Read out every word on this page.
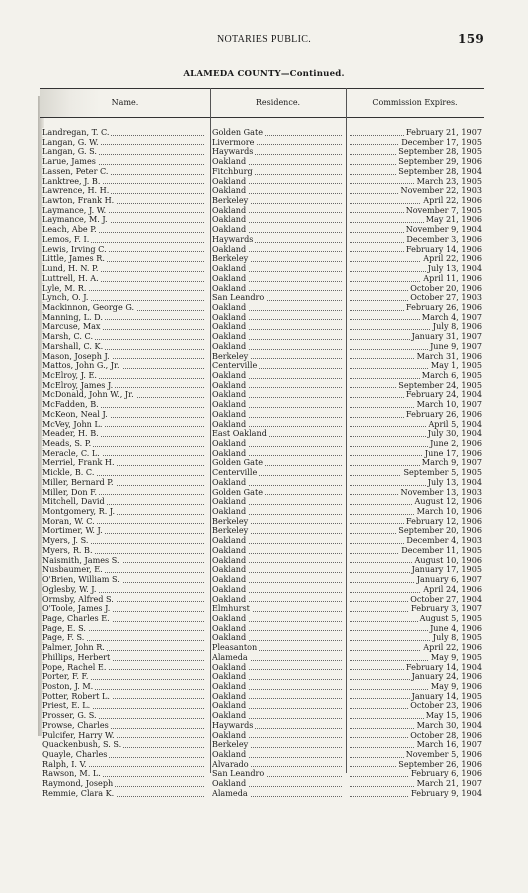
NOTARIES PUBLIC.	159
ALAMEDA COUNTY—Continued.
Name.	Residence.	Commission Expires.
Landregan, T. C.	Golden Gate	February 21, 1907
Langan, G. W.	Livermore	December 17, 1905
Langan, G. S.	Haywards	September 28, 1905
Larue, James	Oakland	September 29, 1906
Lassen, Peter C.	Fitchburg	September 28, 1904
Lanktree, J. B.	Oakland	March 23, 1905
Lawrence, H. H.	Oakland	November 22, 1903
Lawton, Frank H.	Berkeley	April 22, 1906
Laymance, J. W.	Oakland	November 7, 1905
Laymance, M. J.	Oakland	May 21, 1906
Leach, Abe P.	Oakland	November 9, 1904
Lemos, F. I.	Haywards	December 3, 1906
Lewis, Irving C.	Oakland	February 14, 1906
Little, James R.	Berkeley	April 22, 1906
Lund, H. N. P.	Oakland	July 13, 1904
Luttrell, H. A.	Oakland	April 11, 1906
Lyle, M. R.	Oakland	October 20, 1906
Lynch, O. J.	San Leandro	October 27, 1903
Mackinnon, George G.	Oakland	February 26, 1906
Manning, L. D.	Oakland	March 4, 1907
Marcuse, Max	Oakland	July 8, 1906
Marsh, C. C.	Oakland	January 31, 1907
Marshall, C. K.	Oakland	June 9, 1907
Mason, Joseph J.	Berkeley	March 31, 1906
Mattos, John G., Jr.	Centerville	May 1, 1905
McElroy, J. E.	Oakland	March 6, 1905
McElroy, James J.	Oakland	September 24, 1905
McDonald, John W., Jr.	Oakland	February 24, 1904
McFadden, B.	Oakland	March 10, 1907
McKeon, Neal J.	Oakland	February 26, 1906
McVey, John L.	Oakland	April 5, 1904
Meader, H. B.	East Oakland	July 30, 1904
Meads, S. P.	Oakland	June 2, 1906
Meracle, C. L.	Oakland	June 17, 1906
Merriel, Frank H.	Golden Gate	March 9, 1907
Mickle, B. C.	Centerville	September 5, 1905
Miller, Bernard P.	Oakland	July 13, 1904
Miller, Don F.	Golden Gate	November 13, 1903
Mitchell, David	Oakland	August 12, 1906
Montgomery, R. J.	Oakland	March 10, 1906
Moran, W. C.	Berkeley	February 12, 1906
Mortimer, W. J.	Berkeley	September 20, 1906
Myers, J. S.	Oakland	December 4, 1903
Myers, R. B.	Oakland	December 11, 1905
Naismith, James S.	Oakland	August 10, 1906
Nusbaumer, E.	Oakland	January 17, 1905
O'Brien, William S.	Oakland	January 6, 1907
Oglesby, W. J.	Oakland	April 24, 1906
Ormsby, Alfred S.	Oakland	October 27, 1904
O'Toole, James J.	Elmhurst	February 3, 1907
Page, Charles E.	Oakland	August 5, 1905
Page, E. S.	Oakland	June 4, 1906
Page, F. S.	Oakland	July 8, 1905
Palmer, John R.	Pleasanton	April 22, 1906
Phillips, Herbert	Alameda	May 9, 1905
Pope, Rachel E.	Oakland	February 14, 1904
Porter, F. F.	Oakland	January 24, 1906
Poston, J. M.	Oakland	May 9, 1906
Potter, Robert L.	Oakland	January 14, 1905
Priest, E. L.	Oakland	October 23, 1906
Prosser, G. S.	Oakland	May 15, 1906
Prowse, Charles	Haywards	March 30, 1904
Pulcifer, Harry W.	Oakland	October 28, 1906
Quackenbush, S. S.	Berkeley	March 16, 1907
Quayle, Charles	Oakland	November 5, 1906
Ralph, I. V.	Alvarado	September 26, 1906
Rawson, M. L.	San Leandro	February 6, 1906
Raymond, Joseph	Oakland	March 21, 1907
Remmie, Clara K.	Alameda	February 9, 1904
